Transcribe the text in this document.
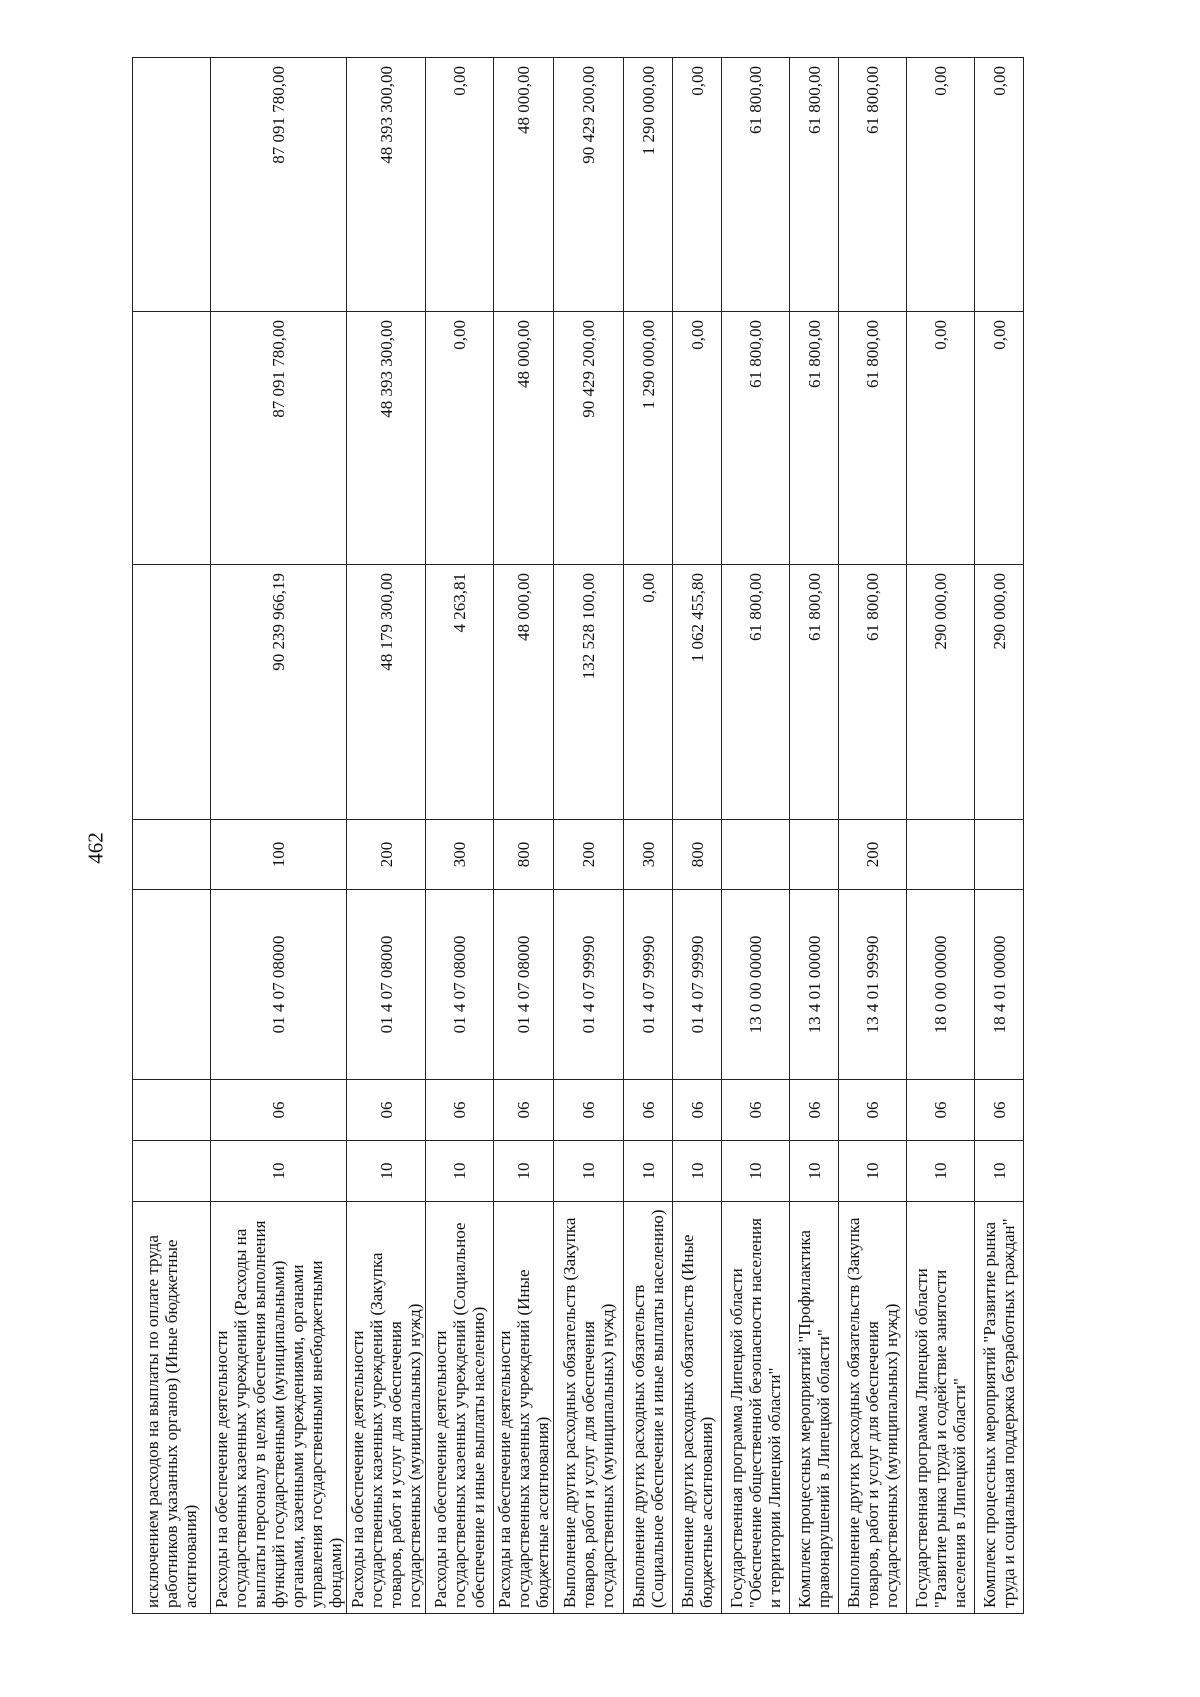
462
исключением расходов на выплаты по оплате труда работников указанных органов) (Иные бюджетные ассигнования)							
Расходы на обеспечение деятельности государственных казенных учреждений (Расходы на выплаты персоналу в целях обеспечения выполнения функций государственными (муниципальными) органами, казенными учреждениями, органами управления государственными внебюджетными фондами)	10	06	01 4 07 08000	100	90 239 966,19	87 091 780,00	87 091 780,00
Расходы на обеспечение деятельности государственных казенных учреждений (Закупка товаров, работ и услуг для обеспечения государственных (муниципальных) нужд)	10	06	01 4 07 08000	200	48 179 300,00	48 393 300,00	48 393 300,00
Расходы на обеспечение деятельности государственных казенных учреждений (Социальное обеспечение и иные выплаты населению)	10	06	01 4 07 08000	300	4 263,81	0,00	0,00
Расходы на обеспечение деятельности государственных казенных учреждений (Иные бюджетные ассигнования)	10	06	01 4 07 08000	800	48 000,00	48 000,00	48 000,00
Выполнение других расходных обязательств (Закупка товаров, работ и услуг для обеспечения государственных (муниципальных) нужд)	10	06	01 4 07 99990	200	132 528 100,00	90 429 200,00	90 429 200,00
Выполнение других расходных обязательств (Социальное обеспечение и иные выплаты населению)	10	06	01 4 07 99990	300	0,00	1 290 000,00	1 290 000,00
Выполнение других расходных обязательств (Иные бюджетные ассигнования)	10	06	01 4 07 99990	800	1 062 455,80	0,00	0,00
Государственная программа Липецкой области "Обеспечение общественной безопасности населения и территории Липецкой области"	10	06	13 0 00 00000		61 800,00	61 800,00	61 800,00
Комплекс процессных мероприятий "Профилактика правонарушений в Липецкой области"	10	06	13 4 01 00000		61 800,00	61 800,00	61 800,00
Выполнение других расходных обязательств (Закупка товаров, работ и услуг для обеспечения государственных (муниципальных) нужд)	10	06	13 4 01 99990	200	61 800,00	61 800,00	61 800,00
Государственная программа Липецкой области "Развитие рынка труда и содействие занятости населения в Липецкой области"	10	06	18 0 00 00000		290 000,00	0,00	0,00
Комплекс процессных мероприятий "Развитие рынка труда и социальная поддержка безработных граждан"	10	06	18 4 01 00000		290 000,00	0,00	0,00
